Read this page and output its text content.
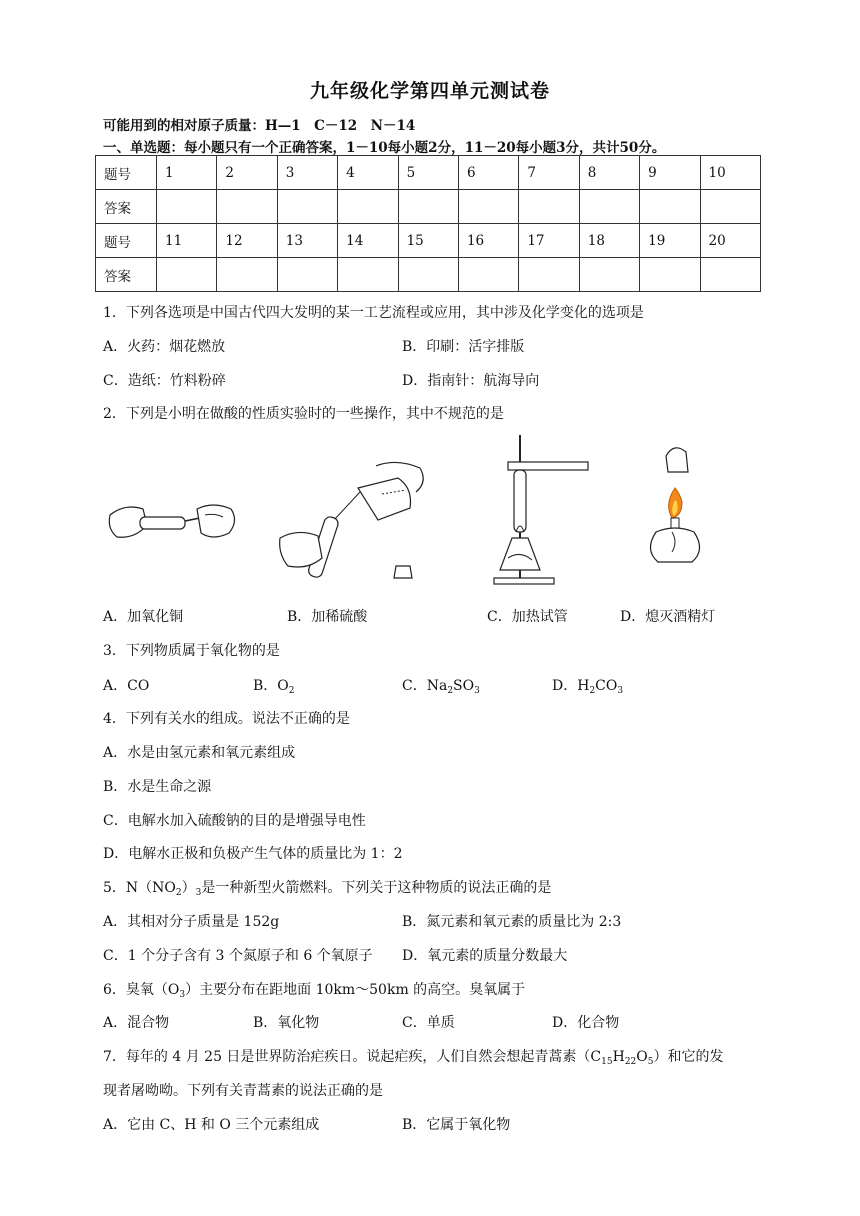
九年级化学第四单元测试卷
可能用到的相对原子质量：H—1　C－12　N－14
一、单选题：每小题只有一个正确答案，1－10每小题2分，11－20每小题3分，共计50分。
题号	1	2	3	4	5	6	7	8	9	10
答案										
题号	11	12	13	14	15	16	17	18	19	20
答案										
1．下列各选项是中国古代四大发明的某一工艺流程或应用，其中涉及化学变化的选项是
A．火药：烟花燃放	B．印刷：活字排版
C．造纸：竹料粉碎	D．指南针：航海导向
2．下列是小明在做酸的性质实验时的一些操作，其中不规范的是
A．加氧化铜	B．加稀硫酸	C．加热试管	D．熄灭酒精灯
3．下列物质属于氧化物的是
A．CO	B．$O_2$	C．$Na_2SO_3$	D．$H_2CO_3$
4．下列有关水的组成。说法不正确的是
A．水是由氢元素和氧元素组成
B．水是生命之源
C．电解水加入硫酸钠的目的是增强导电性
D．电解水正极和负极产生气体的质量比为 1：2
5．$N(NO_2)_3$是一种新型火箭燃料。下列关于这种物质的说法正确的是
A．其相对分子质量是 152g	B．氮元素和氧元素的质量比为 2:3
C．1 个分子含有 3 个氮原子和 6 个氧原子 D．氧元素的质量分数最大
6．臭氧$(O_3)$主要分布在距地面 10km～50km 的高空。臭氧属于
A．混合物	B．氧化物	C．单质	D．化合物
7．每年的 4 月 25 日是世界防治疟疾日。说起疟疾，人们自然会想起青蒿素$(C_{15}H_{22}O_5)$和它的发
现者屠呦呦。下列有关青蒿素的说法正确的是
A．它由 C、H 和 O 三个元素组成	B．它属于氧化物
